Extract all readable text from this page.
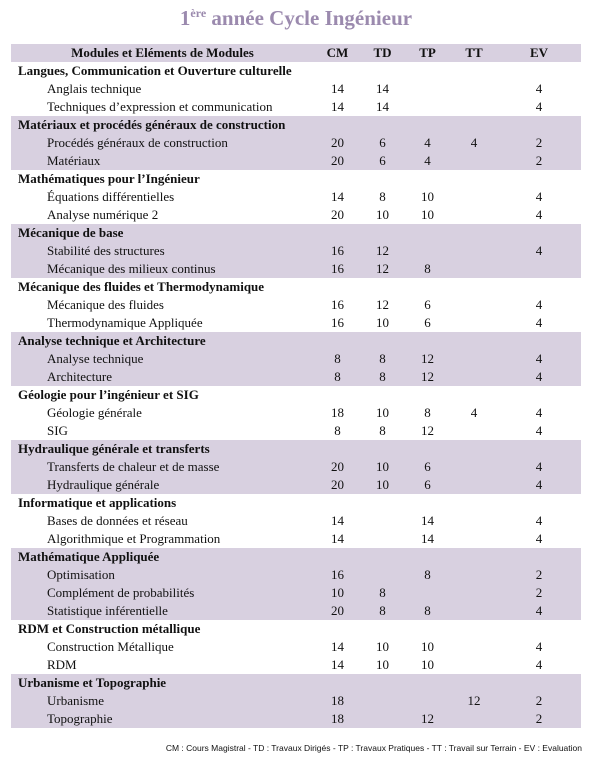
1ère année Cycle Ingénieur
Modules et Eléments de Modules	CM	TD	TP	TT	EV
Langues, Communication et Ouverture culturelle					
Anglais technique	14	14			4
Techniques d’expression et communication	14	14			4
Matériaux et procédés généraux de construction					
Procédés généraux de construction	20	6	4	4	2
Matériaux	20	6	4		2
Mathématiques pour l’Ingénieur					
Équations différentielles	14	8	10		4
Analyse numérique 2	20	10	10		4
Mécanique de base					
Stabilité des structures	16	12			4
Mécanique des milieux continus	16	12	8		
Mécanique des fluides et Thermodynamique					
Mécanique des fluides	16	12	6		4
Thermodynamique Appliquée	16	10	6		4
Analyse technique et Architecture					
Analyse technique	8	8	12		4
Architecture	8	8	12		4
Géologie pour l’ingénieur et SIG					
Géologie générale	18	10	8	4	4
SIG	8	8	12		4
Hydraulique générale et transferts					
Transferts de chaleur et de masse	20	10	6		4
Hydraulique générale	20	10	6		4
Informatique et applications					
Bases de données et réseau	14		14		4
Algorithmique et Programmation	14		14		4
Mathématique Appliquée					
Optimisation	16		8		2
Complément de probabilités	10	8			2
Statistique inférentielle	20	8	8		4
RDM et Construction métallique					
Construction Métallique	14	10	10		4
RDM	14	10	10		4
Urbanisme et Topographie					
Urbanisme	18			12	2
Topographie	18		12		2
CM : Cours Magistral - TD : Travaux Dirigés - TP : Travaux Pratiques - TT : Travail sur Terrain - EV : Evaluation
